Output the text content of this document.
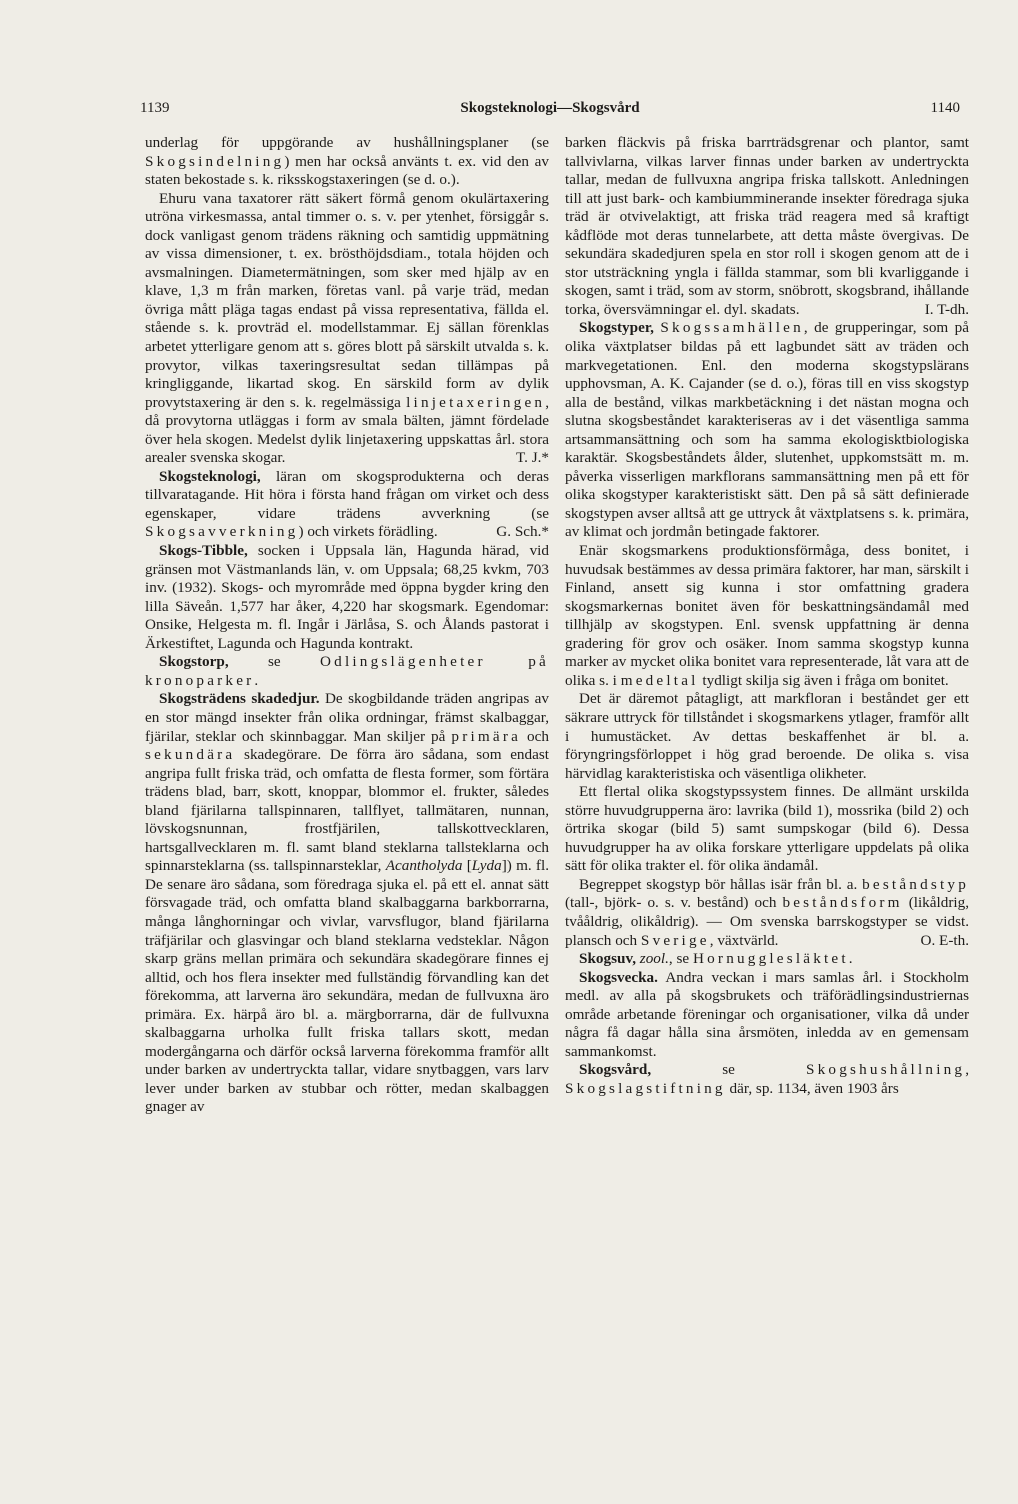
1139	Skogsteknologi—Skogsvård	1140

underlag för uppgörande av hushållningsplaner (se Skogsindelning) men har också använts t. ex. vid den av staten bekostade s. k. riksskogstaxeringen (se d. o.).

Ehuru vana taxatorer rätt säkert förmå genom okulärtaxering utröna virkesmassa, antal timmer o. s. v. per ytenhet, försiggår s. dock vanligast genom trädens räkning och samtidig uppmätning av vissa dimensioner, t. ex. brösthöjdsdiam., totala höjden och avsmalningen. Diametermätningen, som sker med hjälp av en klave, 1,3 m från marken, företas vanl. på varje träd, medan övriga mått pläga tagas endast på vissa representativa, fällda el. stående s. k. provträd el. modellstammar. Ej sällan förenklas arbetet ytterligare genom att s. göres blott på särskilt utvalda s. k. provytor, vilkas taxeringsresultat sedan tillämpas på kringliggande, likartad skog. En särskild form av dylik provytstaxering är den s. k. regelmässiga linjetaxeringen, då provytorna utläggas i form av smala bälten, jämnt fördelade över hela skogen. Medelst dylik linjetaxering uppskattas årl. stora arealer svenska skogar.	T. J.*

Skogsteknologi, läran om skogsprodukterna och deras tillvaratagande. Hit höra i första hand frågan om virket och dess egenskaper, vidare trädens avverkning (se Skogsavverkning) och virkets förädling.	G. Sch.*

Skogs-Tibble, socken i Uppsala län, Hagunda härad, vid gränsen mot Västmanlands län, v. om Uppsala; 68,25 kvkm, 703 inv. (1932). Skogs- och myrområde med öppna bygder kring den lilla Säveån. 1,577 har åker, 4,220 har skogsmark. Egendomar: Onsike, Helgesta m. fl. Ingår i Järlåsa, S. och Ålands pastorat i Ärkestiftet, Lagunda och Hagunda kontrakt.

Skogstorp, se Odlingslägenheter på kronoparker.

Skogsträdens skadedjur. De skogbildande träden angripas av en stor mängd insekter från olika ordningar, främst skalbaggar, fjärilar, steklar och skinnbaggar. Man skiljer på primära och sekundära skadegörare. De förra äro sådana, som endast angripa fullt friska träd, och omfatta de flesta former, som förtära trädens blad, barr, skott, knoppar, blommor el. frukter, således bland fjärilarna tallspinnaren, tallflyet, tallmätaren, nunnan, lövskogsnunnan, frostfjärilen, tallskottvecklaren, hartsgallvecklaren m. fl. samt bland steklarna tallsteklarna och spinnarsteklarna (ss. tallspinnarsteklar, Acantholyda [Lyda]) m. fl. De senare äro sådana, som föredraga sjuka el. på ett el. annat sätt försvagade träd, och omfatta bland skalbaggarna barkborrarna, många långhorningar och vivlar, varvsflugor, bland fjärilarna träfjärilar och glasvingar och bland steklarna vedsteklar. Någon skarp gräns mellan primära och sekundära skadegörare finnes ej alltid, och hos flera insekter med fullständig förvandling kan det förekomma, att larverna äro sekundära, medan de fullvuxna äro primära. Ex. härpå äro bl. a. märgborrarna, där de fullvuxna skalbaggarna urholka fullt friska tallars skott, medan modergångarna och därför också larverna förekomma framför allt under barken av undertryckta tallar, vidare snytbaggen, vars larv lever under barken av stubbar och rötter, medan skalbaggen gnager av

barken fläckvis på friska barrträdsgrenar och plantor, samt tallvivlarna, vilkas larver finnas under barken av undertryckta tallar, medan de fullvuxna angripa friska tallskott. Anledningen till att just bark- och kambiumminerande insekter föredraga sjuka träd är otvivelaktigt, att friska träd reagera med så kraftigt kådflöde mot deras tunnelarbete, att detta måste övergivas. De sekundära skadedjuren spela en stor roll i skogen genom att de i stor utsträckning yngla i fällda stammar, som bli kvarliggande i skogen, samt i träd, som av storm, snöbrott, skogsbrand, ihållande torka, översvämningar el. dyl. skadats.	I. T-dh.

Skogstyper, Skogssamhällen, de grupperingar, som på olika växtplatser bildas på ett lagbundet sätt av träden och markvegetationen. Enl. den moderna skogstypslärans upphovsman, A. K. Cajander (se d. o.), föras till en viss skogstyp alla de bestånd, vilkas markbetäckning i det nästan mogna och slutna skogsbeståndet karakteriseras av i det väsentliga samma artsammansättning och som ha samma ekologisktbiologiska karaktär. Skogsbeståndets ålder, slutenhet, uppkomstsätt m. m. påverka visserligen markflorans sammansättning men på ett för olika skogstyper karakteristiskt sätt. Den på så sätt definierade skogstypen avser alltså att ge uttryck åt växtplatsens s. k. primära, av klimat och jordmån betingade faktorer.

Enär skogsmarkens produktionsförmåga, dess bonitet, i huvudsak bestämmes av dessa primära faktorer, har man, särskilt i Finland, ansett sig kunna i stor omfattning gradera skogsmarkernas bonitet även för beskattningsändamål med tillhjälp av skogstypen. Enl. svensk uppfattning är denna gradering för grov och osäker. Inom samma skogstyp kunna marker av mycket olika bonitet vara representerade, låt vara att de olika s. i medeltal tydligt skilja sig även i fråga om bonitet.

Det är däremot påtagligt, att markfloran i beståndet ger ett säkrare uttryck för tillståndet i skogsmarkens ytlager, framför allt i humustäcket. Av dettas beskaffenhet är bl. a. föryngringsförloppet i hög grad beroende. De olika s. visa härvidlag karakteristiska och väsentliga olikheter.

Ett flertal olika skogstypssystem finnes. De allmänt urskilda större huvudgrupperna äro: lavrika (bild 1), mossrika (bild 2) och örtrika skogar (bild 5) samt sumpskogar (bild 6). Dessa huvudgrupper ha av olika forskare ytterligare uppdelats på olika sätt för olika trakter el. för olika ändamål.

Begreppet skogstyp bör hållas isär från bl. a. beståndstyp (tall-, björk- o. s. v. bestånd) och beståndsform (likåldrig, tvååldrig, olikåldrig). — Om svenska barrskogstyper se vidst. plansch och Sverige, växtvärld.	O. E-th.

Skogsuv, zool., se Hornugglesläktet.

Skogsvecka. Andra veckan i mars samlas årl. i Stockholm medl. av alla på skogsbrukets och träförädlingsindustriernas område arbetande föreningar och organisationer, vilka då under några få dagar hålla sina årsmöten, inledda av en gemensam sammankomst.

Skogsvård, se Skogshushållning, Skogslagstiftning där, sp. 1134, även 1903 års
